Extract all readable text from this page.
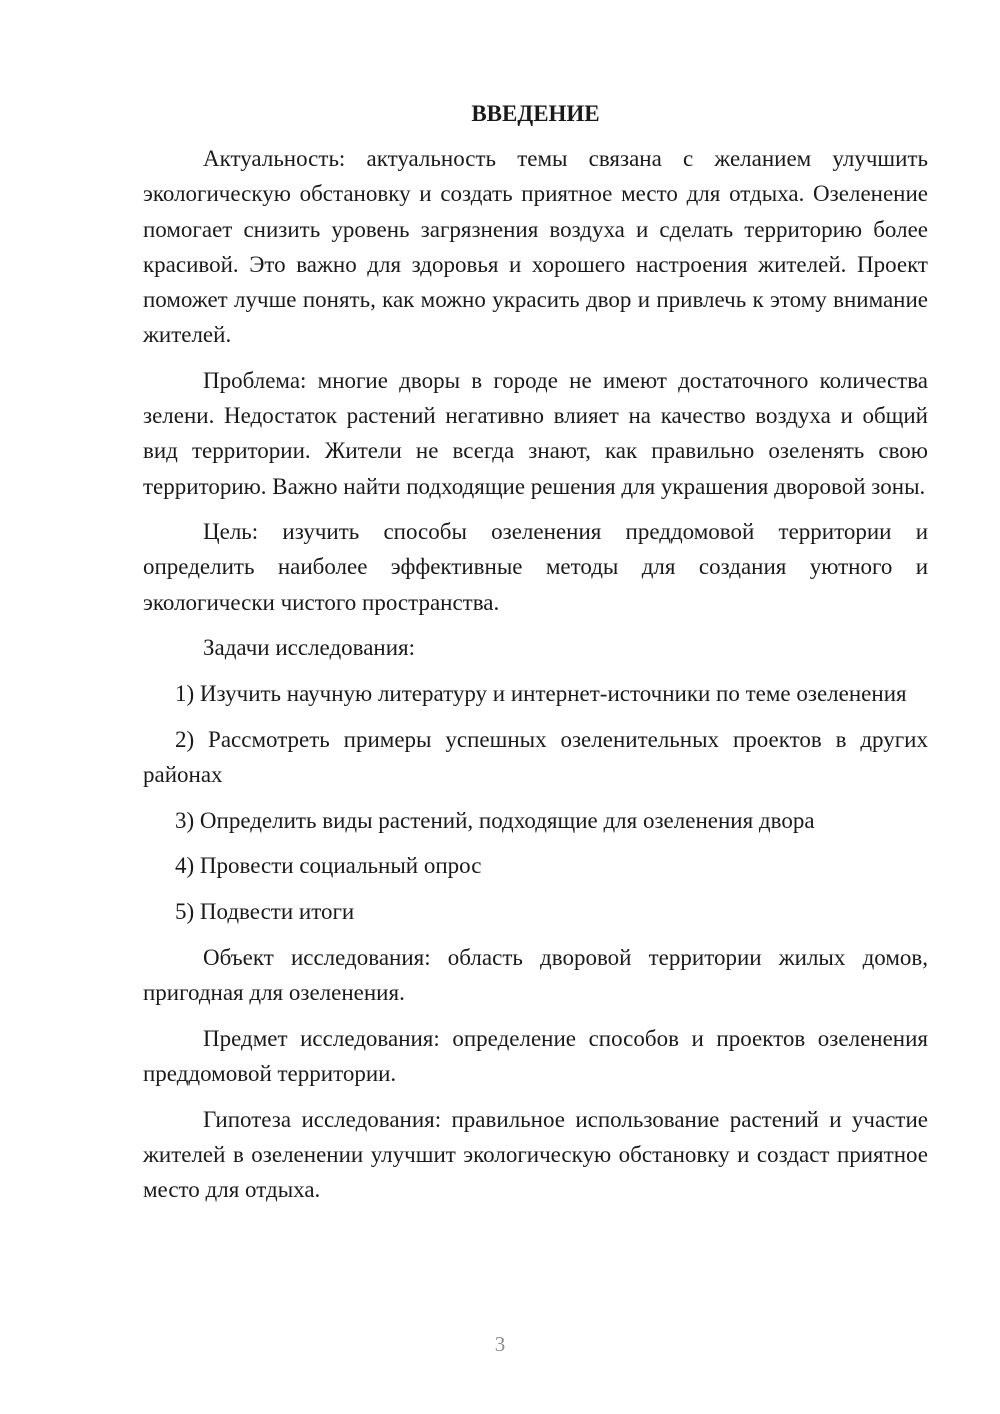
ВВЕДЕНИЕ

Актуальность: актуальность темы связана с желанием улучшить экологическую обстановку и создать приятное место для отдыха. Озеленение помогает снизить уровень загрязнения воздуха и сделать территорию более красивой. Это важно для здоровья и хорошего настроения жителей. Проект поможет лучше понять, как можно украсить двор и привлечь к этому внимание жителей.

Проблема: многие дворы в городе не имеют достаточного количества зелени. Недостаток растений негативно влияет на качество воздуха и общий вид территории. Жители не всегда знают, как правильно озеленять свою территорию. Важно найти подходящие решения для украшения дворовой зоны.

Цель: изучить способы озеленения преддомовой территории и определить наиболее эффективные методы для создания уютного и экологически чистого пространства.

Задачи исследования:

1) Изучить научную литературу и интернет-источники по теме озеленения

2) Рассмотреть примеры успешных озеленительных проектов в других районах

3) Определить виды растений, подходящие для озеленения двора

4) Провести социальный опрос

5) Подвести итоги

Объект исследования: область дворовой территории жилых домов, пригодная для озеленения.

Предмет исследования: определение способов и проектов озеленения преддомовой территории.

Гипотеза исследования: правильное использование растений и участие жителей в озеленении улучшит экологическую обстановку и создаст приятное место для отдыха.

3
